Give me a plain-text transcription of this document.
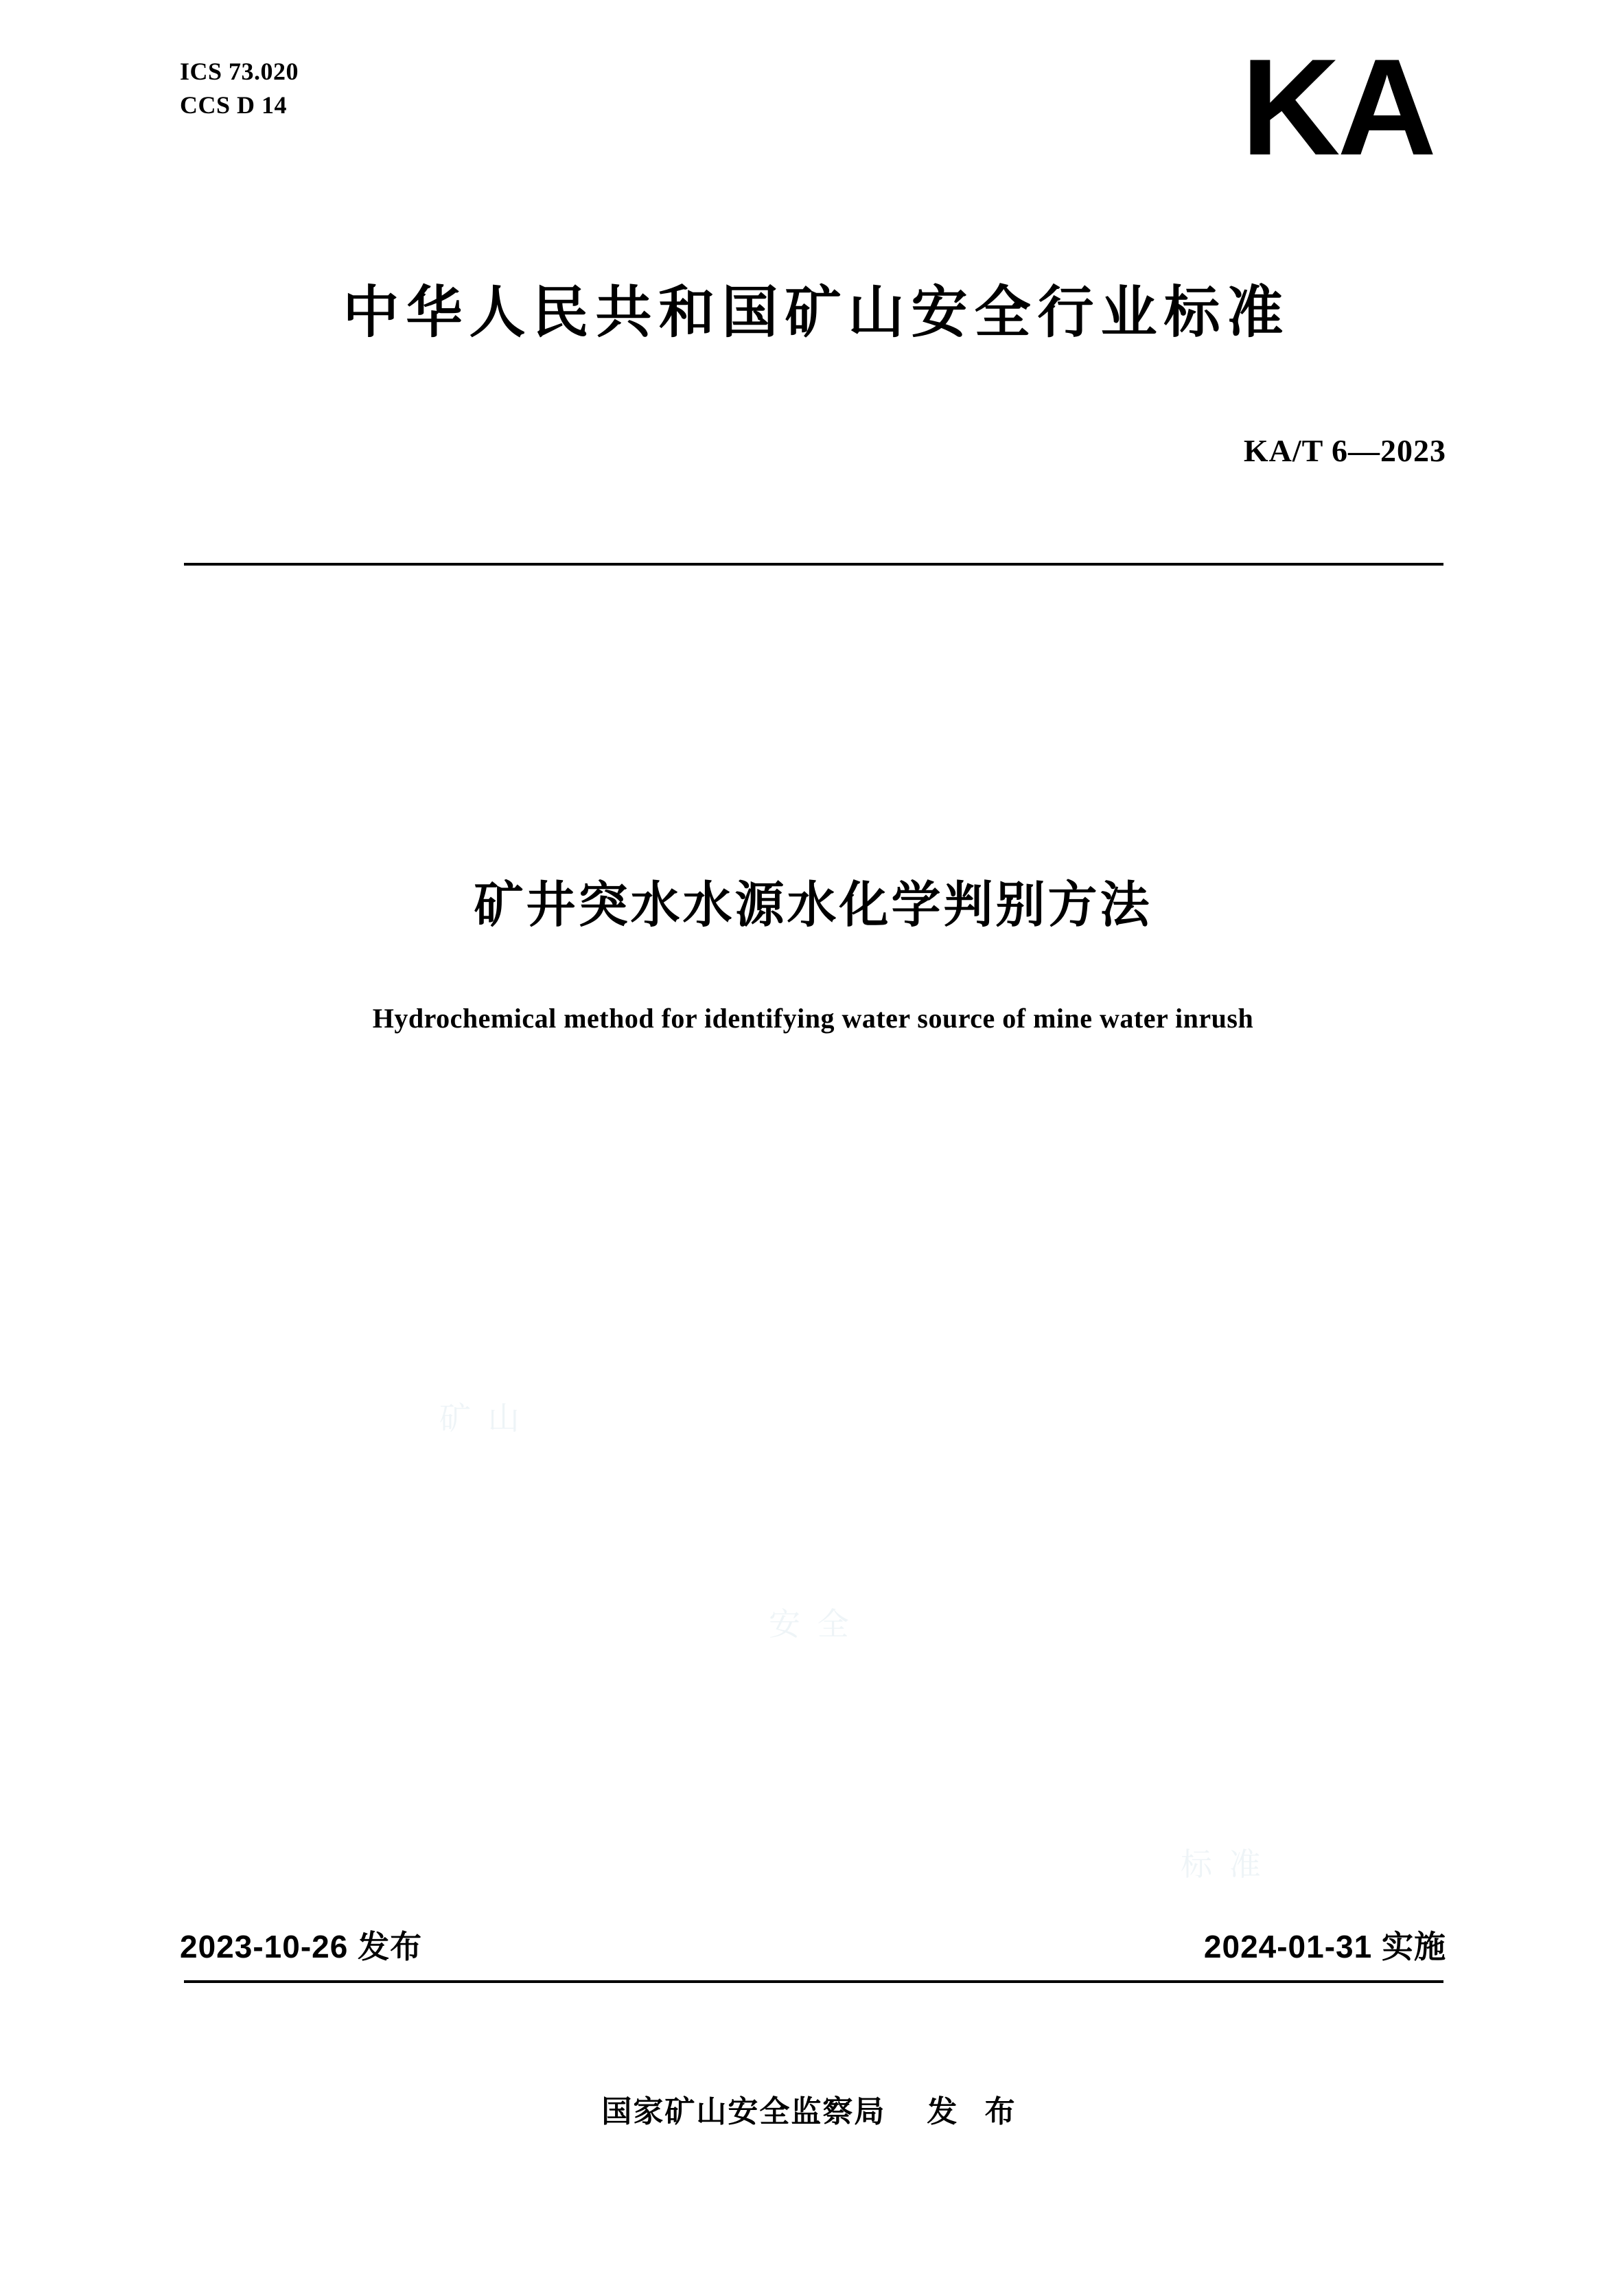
ICS 73.020
CCS D 14	KA
中华人民共和国矿山安全行业标准
KA/T 6—2023
矿井突水水源水化学判别方法
Hydrochemical method for identifying water source of mine water inrush
矿 山
安 全
标 准
2023-10-26 发布	2024-01-31 实施
国家矿山安全监察局 发 布
